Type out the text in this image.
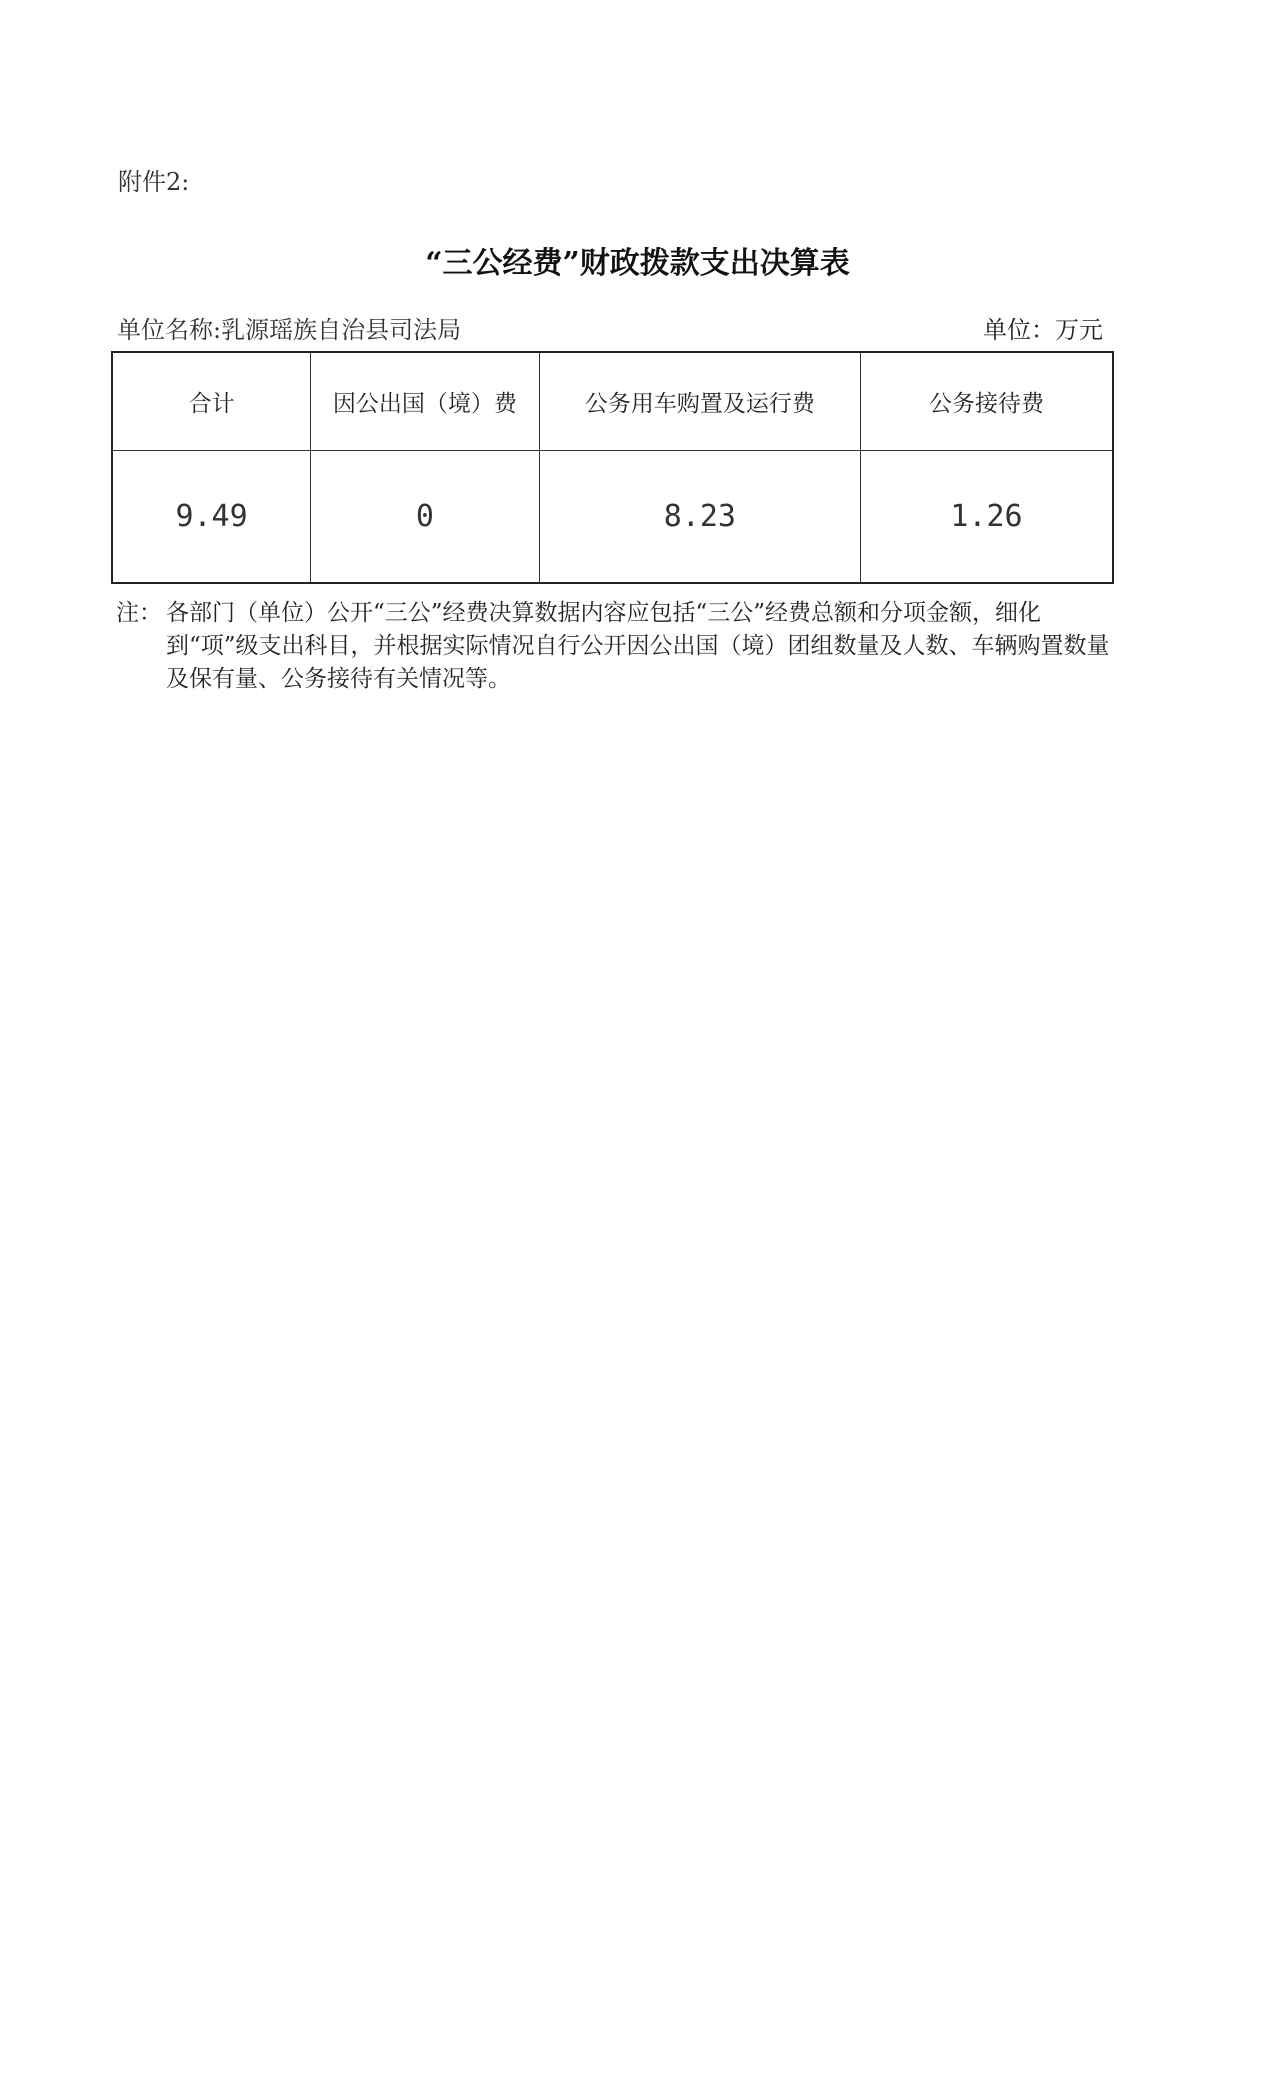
附件2:
“三公经费”财政拨款支出决算表
单位名称:乳源瑶族自治县司法局	单位：万元
合计	因公出国（境）费	公务用车购置及运行费	公务接待费
9.49	0	8.23	1.26
注： 各部门（单位）公开“三公”经费决算数据内容应包括“三公”经费总额和分项金额，细化到“项”级支出科目，并根据实际情况自行公开因公出国（境）团组数量及人数、车辆购置数量及保有量、公务接待有关情况等。
